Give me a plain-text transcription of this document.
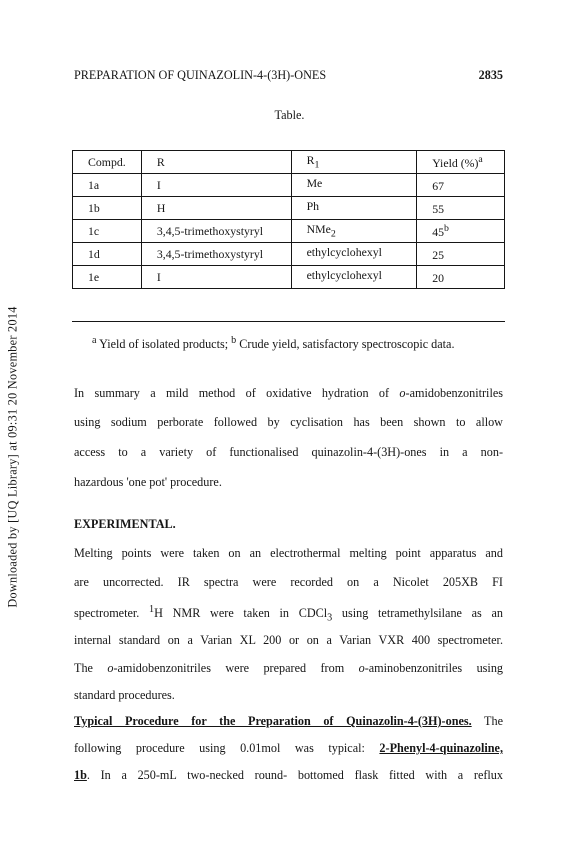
Downloaded by [UQ Library] at 09:31 20 November 2014
PREPARATION OF QUINAZOLIN-4-(3H)-ONES	2835
Table.
Compd.	R	$R_1$	Yield (%)$^a$
1a	I	Me	67
1b	H	Ph	55
1c	3,4,5-trimethoxystyryl	NMe$_2$	45$^b$
1d	3,4,5-trimethoxystyryl	ethylcyclohexyl	25
1e	I	ethylcyclohexyl	20
$^a$ Yield of isolated products; $^b$ Crude yield, satisfactory spectroscopic data.
In summary a mild method of oxidative hydration of o-amidobenzonitriles
using sodium perborate followed by cyclisation has been shown to allow
access to a variety of functionalised quinazolin-4-(3H)-ones in a non-
hazardous 'one pot' procedure.
EXPERIMENTAL.
Melting points were taken on an electrothermal melting point apparatus and
are uncorrected. IR spectra were recorded on a Nicolet 205XB FI
spectrometer. $^1$H NMR were taken in CDCl$_3$ using tetramethylsilane as an
internal standard on a Varian XL 200 or on a Varian VXR 400 spectrometer.
The o-amidobenzonitriles were prepared from o-aminobenzonitriles using
standard procedures.
Typical Procedure for the Preparation of Quinazolin-4-(3H)-ones. The
following procedure using 0.01mol was typical: 2-Phenyl-4-quinazoline,
1b. In a 250-mL two-necked round- bottomed flask fitted with a reflux
